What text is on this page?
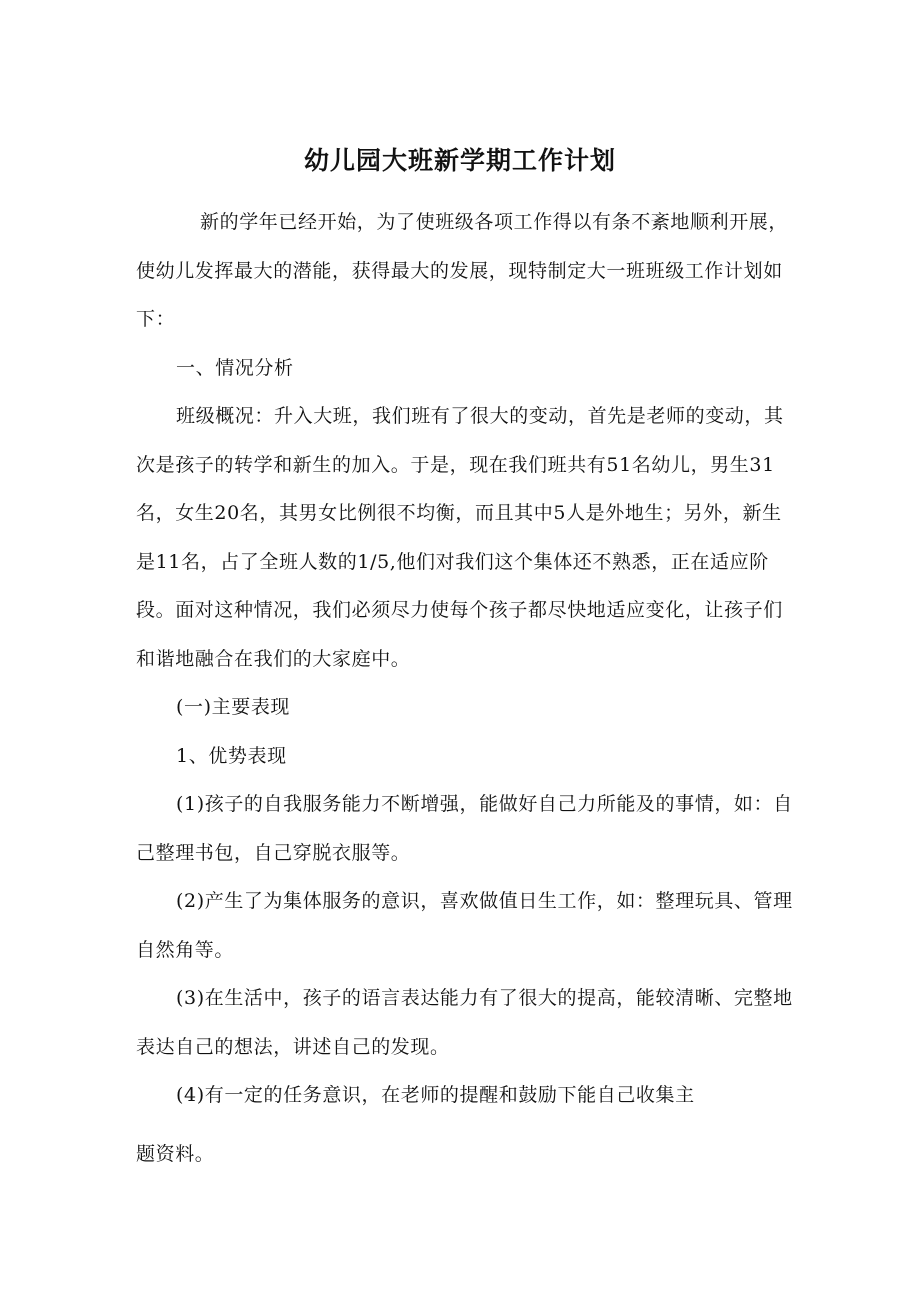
幼儿园大班新学期工作计划

新的学年已经开始，为了使班级各项工作得以有条不紊地顺利开展，使幼儿发挥最大的潜能，获得最大的发展，现特制定大一班班级工作计划如下：

一、情况分析

班级概况：升入大班，我们班有了很大的变动，首先是老师的变动，其次是孩子的转学和新生的加入。于是，现在我们班共有51名幼儿，男生31名，女生20名，其男女比例很不均衡，而且其中5人是外地生；另外，新生是11名，占了全班人数的1/5,他们对我们这个集体还不熟悉，正在适应阶段。面对这种情况，我们必须尽力使每个孩子都尽快地适应变化，让孩子们和谐地融合在我们的大家庭中。

(一)主要表现

1、优势表现

(1)孩子的自我服务能力不断增强，能做好自己力所能及的事情，如：自己整理书包，自己穿脱衣服等。

(2)产生了为集体服务的意识，喜欢做值日生工作，如：整理玩具、管理自然角等。

(3)在生活中，孩子的语言表达能力有了很大的提高，能较清晰、完整地表达自己的想法，讲述自己的发现。

(4)有一定的任务意识，在老师的提醒和鼓励下能自己收集主

题资料。
